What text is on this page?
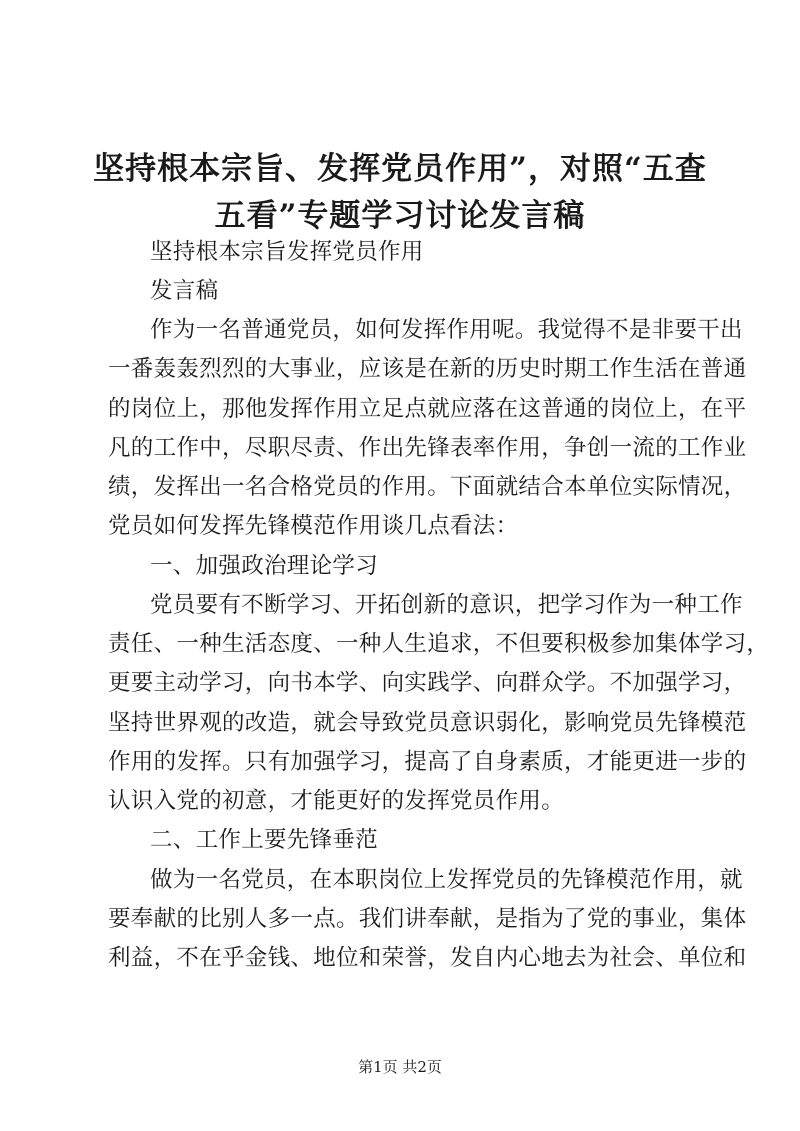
坚持根本宗旨、发挥党员作用”，对照“五查
五看”专题学习讨论发言稿
坚持根本宗旨发挥党员作用
发言稿
作为一名普通党员，如何发挥作用呢。我觉得不是非要干出
一番轰轰烈烈的大事业，应该是在新的历史时期工作生活在普通
的岗位上，那他发挥作用立足点就应落在这普通的岗位上，在平
凡的工作中，尽职尽责、作出先锋表率作用，争创一流的工作业
绩，发挥出一名合格党员的作用。下面就结合本单位实际情况，
党员如何发挥先锋模范作用谈几点看法：
一、加强政治理论学习
党员要有不断学习、开拓创新的意识，把学习作为一种工作
责任、一种生活态度、一种人生追求，不但要积极参加集体学习，
更要主动学习，向书本学、向实践学、向群众学。不加强学习，
坚持世界观的改造，就会导致党员意识弱化，影响党员先锋模范
作用的发挥。只有加强学习，提高了自身素质，才能更进一步的
认识入党的初意，才能更好的发挥党员作用。
二、工作上要先锋垂范
做为一名党员，在本职岗位上发挥党员的先锋模范作用，就
要奉献的比别人多一点。我们讲奉献，是指为了党的事业，集体
利益，不在乎金钱、地位和荣誉，发自内心地去为社会、单位和
第1页 共2页
